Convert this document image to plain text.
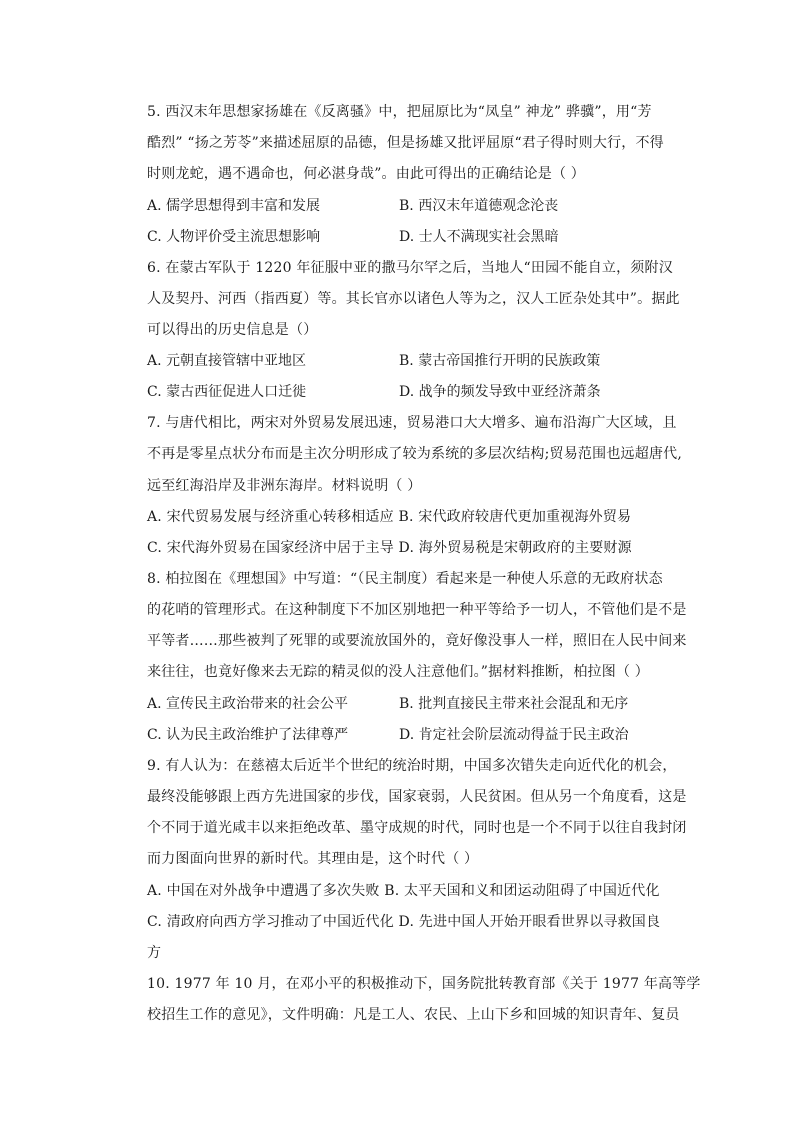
5. 西汉末年思想家扬雄在《反离骚》中，把屈原比为“凤皇” 神龙” 骅骥”，用“芳
酷烈” “扬之芳苓”来描述屈原的品德，但是扬雄又批评屈原“君子得时则大行，不得
时则龙蛇，遇不遇命也，何必湛身哉”。由此可得出的正确结论是（ ）
A. 儒学思想得到丰富和发展	B. 西汉末年道德观念沦丧
C. 人物评价受主流思想影响	D. 士人不满现实社会黑暗
6. 在蒙古军队于 1220 年征服中亚的撒马尔罕之后，当地人“田园不能自立，须附汉
人及契丹、河西（指西夏）等。其长官亦以诸色人等为之，汉人工匠杂处其中”。据此
可以得出的历史信息是（）
A. 元朝直接管辖中亚地区	B. 蒙古帝国推行开明的民族政策
C. 蒙古西征促进人口迁徙	D. 战争的频发导致中亚经济萧条
7. 与唐代相比，两宋对外贸易发展迅速，贸易港口大大增多、遍布沿海广大区域，且
不再是零星点状分布而是主次分明形成了较为系统的多层次结构;贸易范围也远超唐代,
远至红海沿岸及非洲东海岸。材料说明（ ）
A. 宋代贸易发展与经济重心转移相适应 B. 宋代政府较唐代更加重视海外贸易
C. 宋代海外贸易在国家经济中居于主导 D. 海外贸易税是宋朝政府的主要财源
8. 柏拉图在《理想国》中写道：“（民主制度）看起来是一种使人乐意的无政府状态
的花哨的管理形式。在这种制度下不加区别地把一种平等给予一切人，不管他们是不是
平等者……那些被判了死罪的或要流放国外的，竟好像没事人一样，照旧在人民中间来
来往往，也竟好像来去无踪的精灵似的没人注意他们。”据材料推断，柏拉图（ ）
A. 宣传民主政治带来的社会公平	B. 批判直接民主带来社会混乱和无序
C. 认为民主政治维护了法律尊严	D. 肯定社会阶层流动得益于民主政治
9. 有人认为：在慈禧太后近半个世纪的统治时期，中国多次错失走向近代化的机会，
最终没能够跟上西方先进国家的步伐，国家衰弱，人民贫困。但从另一个角度看，这是
个不同于道光咸丰以来拒绝改革、墨守成规的时代，同时也是一个不同于以往自我封闭
而力图面向世界的新时代。其理由是，这个时代（ ）
A. 中国在对外战争中遭遇了多次失败 B. 太平天国和义和团运动阻碍了中国近代化
C. 清政府向西方学习推动了中国近代化 D. 先进中国人开始开眼看世界以寻救国良
方
10. 1977 年 10 月，在邓小平的积极推动下，国务院批转教育部《关于 1977 年高等学
校招生工作的意见》，文件明确：凡是工人、农民、上山下乡和回城的知识青年、复员
